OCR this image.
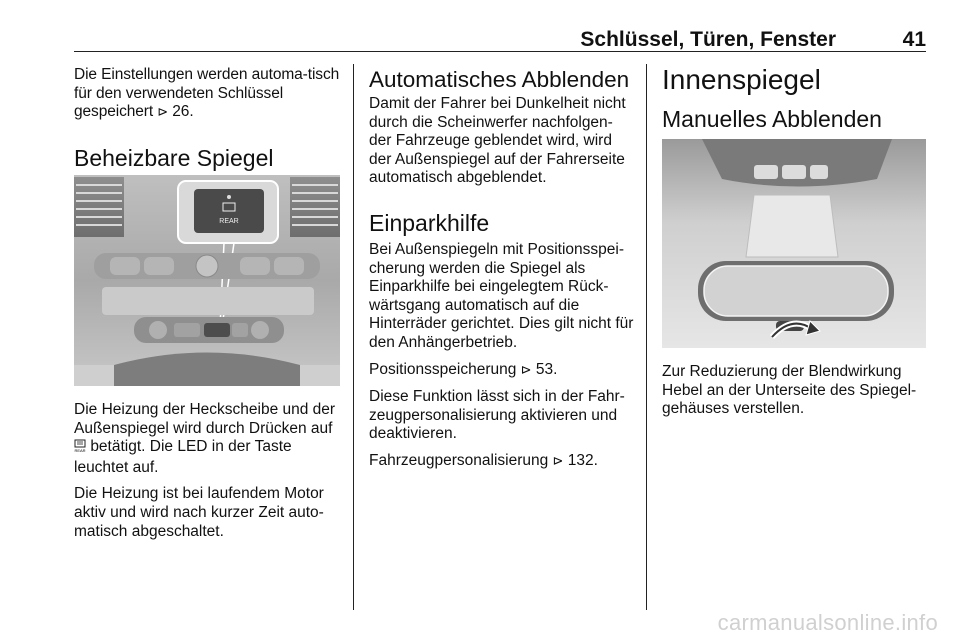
Schlüssel, Türen, Fenster	41

Die Einstellungen werden automa-tisch für den verwendeten Schlüssel gespeichert ⊳ 26.

Beheizbare Spiegel
REAR

Die Heizung der Heckscheibe und der Außenspiegel wird durch Drücken auf
REAR betätigt. Die LED in der Taste leuchtet auf.

Die Heizung ist bei laufendem Motor aktiv und wird nach kurzer Zeit auto-matisch abgeschaltet.

Automatisches Abblenden

Damit der Fahrer bei Dunkelheit nicht durch die Scheinwerfer nachfolgen-der Fahrzeuge geblendet wird, wird der Außenspiegel auf der Fahrerseite automatisch abgeblendet.

Einparkhilfe

Bei Außenspiegeln mit Positionsspei-cherung werden die Spiegel als Einparkhilfe bei eingelegtem Rück-wärtsgang automatisch auf die Hinterräder gerichtet. Dies gilt nicht für den Anhängerbetrieb.

Positionsspeicherung ⊳ 53.

Diese Funktion lässt sich in der Fahr-zeugpersonalisierung aktivieren und deaktivieren.

Fahrzeugpersonalisierung ⊳ 132.

Innenspiegel
Manuelles Abblenden

Zur Reduzierung der Blendwirkung Hebel an der Unterseite des Spiegel-gehäuses verstellen.

carmanualsonline.info
